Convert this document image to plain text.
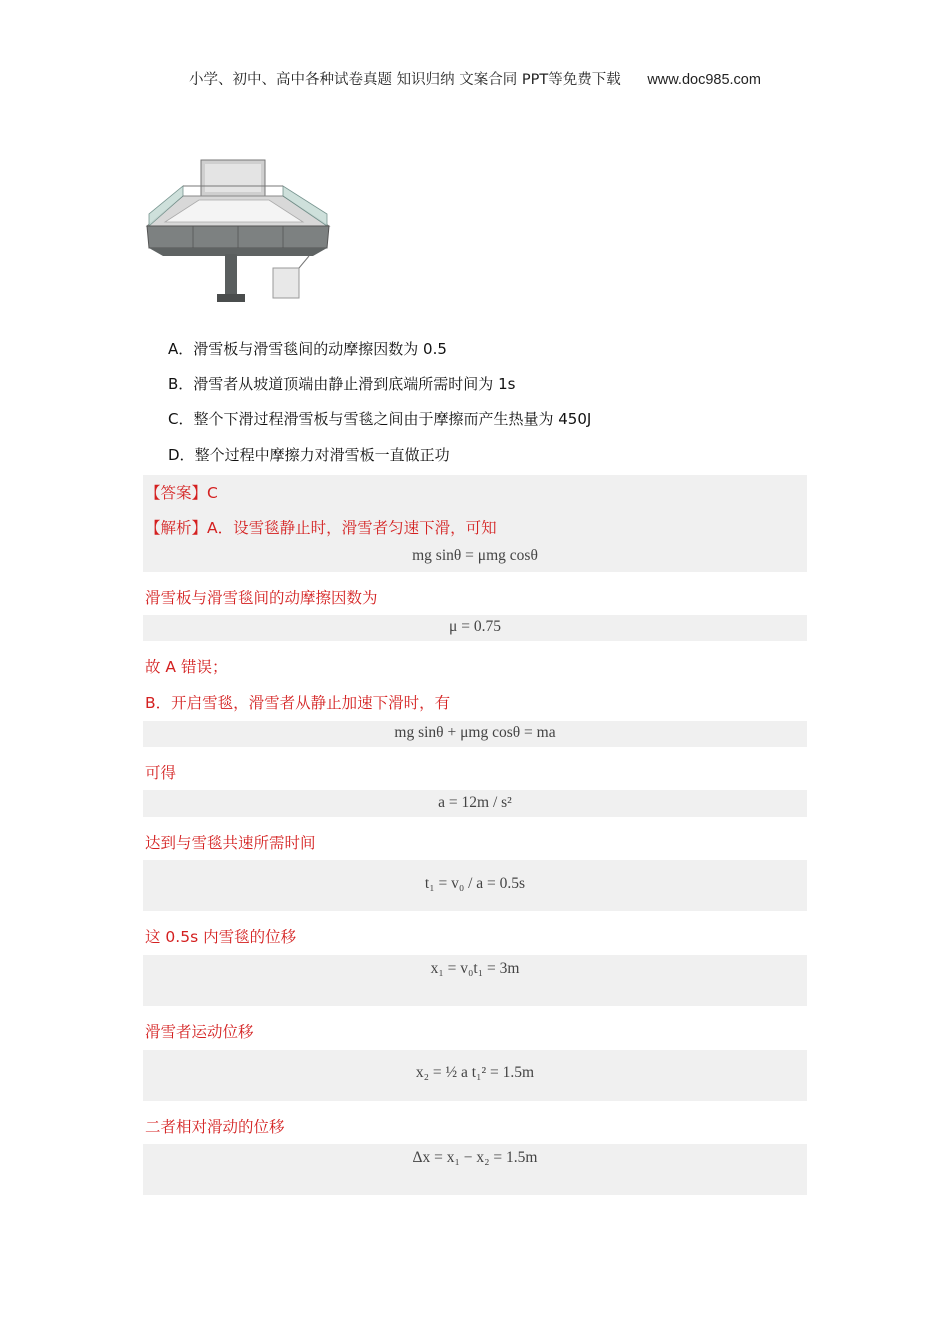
小学、初中、高中各种试卷真题 知识归纳 文案合同 PPT等免费下载 www.doc985.com
A．滑雪板与滑雪毯间的动摩擦因数为 0.5
B．滑雪者从坡道顶端由静止滑到底端所需时间为 1s
C．整个下滑过程滑雪板与雪毯之间由于摩擦而产生热量为 450J
D．整个过程中摩擦力对滑雪板一直做正功
【答案】C
【解析】A．设雪毯静止时，滑雪者匀速下滑，可知
mg sinθ = μmg cosθ
滑雪板与滑雪毯间的动摩擦因数为
μ = 0.75
故 A 错误；
B．开启雪毯，滑雪者从静止加速下滑时，有
mg sinθ + μmg cosθ = ma
可得
a = 12m / s²
达到与雪毯共速所需时间
t₁ = v₀ / a = 0.5s
这 0.5s 内雪毯的位移
x₁ = v₀t₁ = 3m
滑雪者运动位移
x₂ = ½ a t₁² = 1.5m
二者相对滑动的位移
Δx = x₁ − x₂ = 1.5m
